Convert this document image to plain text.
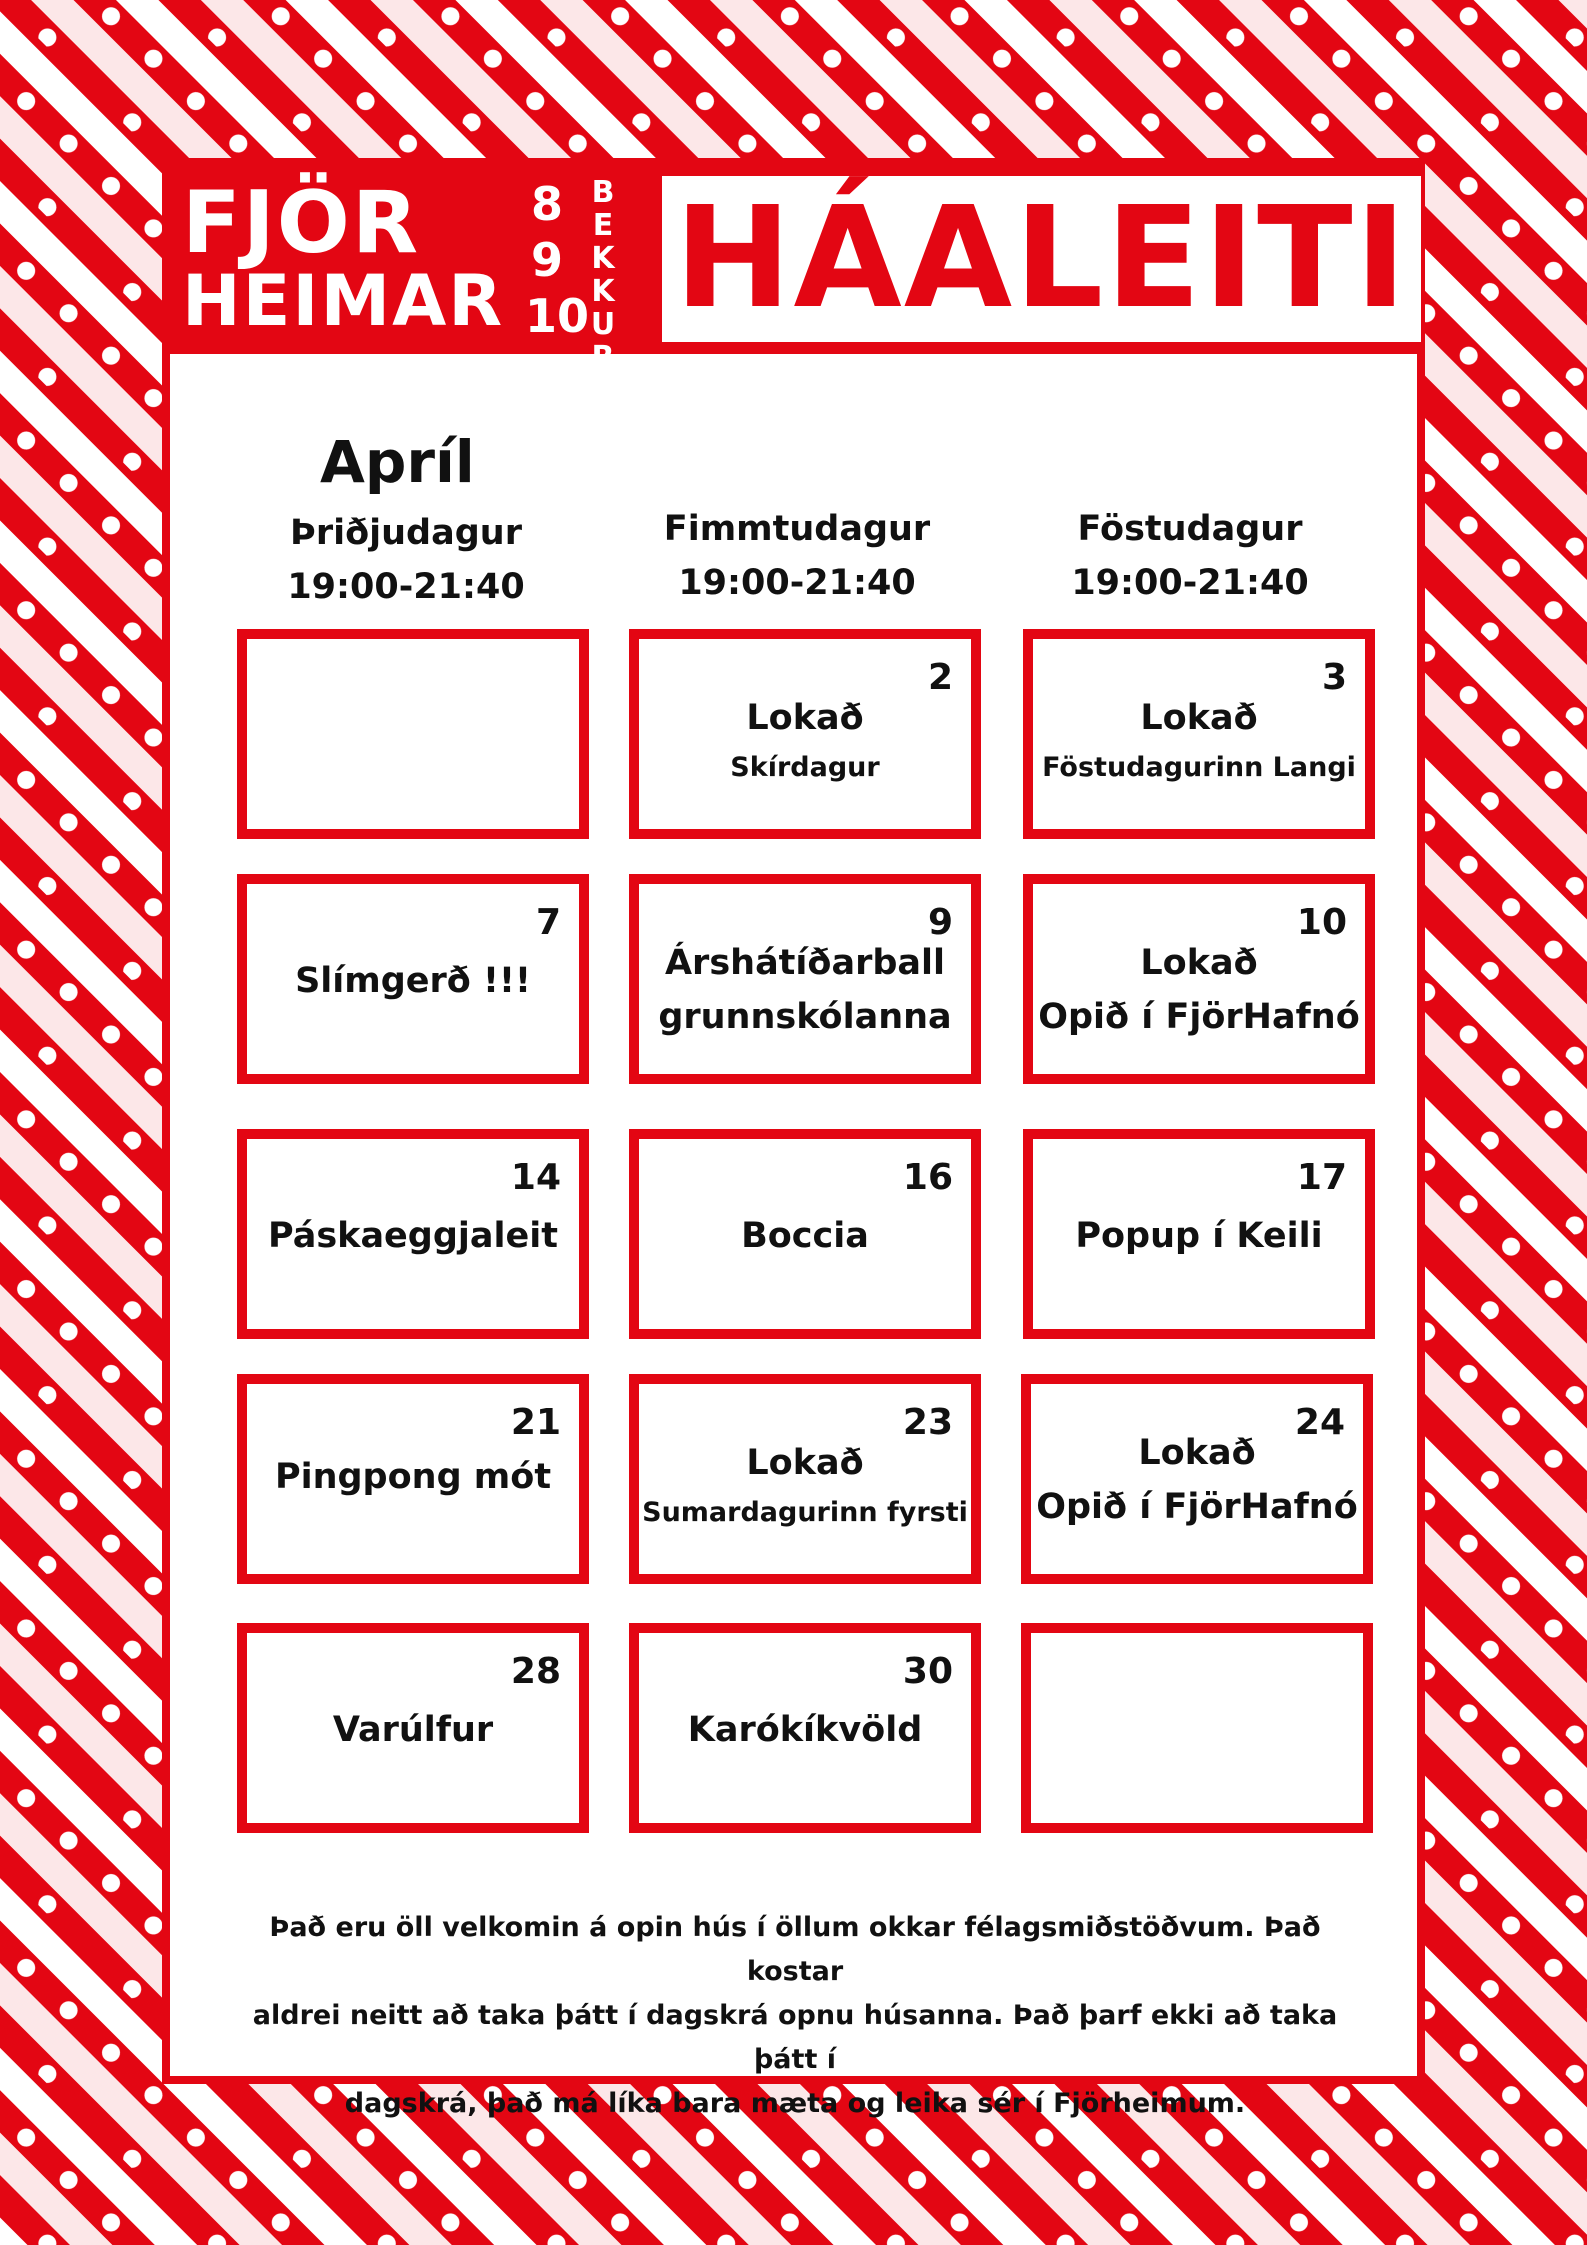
FJÖR
HEIMAR
8
9
10
B
E
K
K
U
R
HÁALEITI
Apríl
Þriðjudagur
19:00-21:40
Fimmtudagur
19:00-21:40
Föstudagur
19:00-21:40
2
Lokað
Skírdagur
3
Lokað
Föstudagurinn Langi
7
Slímgerð !!!
9
Árshátíðarball
grunnskólanna
10
Lokað
Opið í FjörHafnó
14
Páskaeggjaleit
16
Boccia
17
Popup í Keili
21
Pingpong mót
23
Lokað
Sumardagurinn fyrsti
24
Lokað
Opið í FjörHafnó
28
Varúlfur
30
Karókíkvöld
Það eru öll velkomin á opin hús í öllum okkar félagsmiðstöðvum. Það kostar
aldrei neitt að taka þátt í dagskrá opnu húsanna. Það þarf ekki að taka þátt í
dagskrá, það má líka bara mæta og leika sér í Fjörheimum.
